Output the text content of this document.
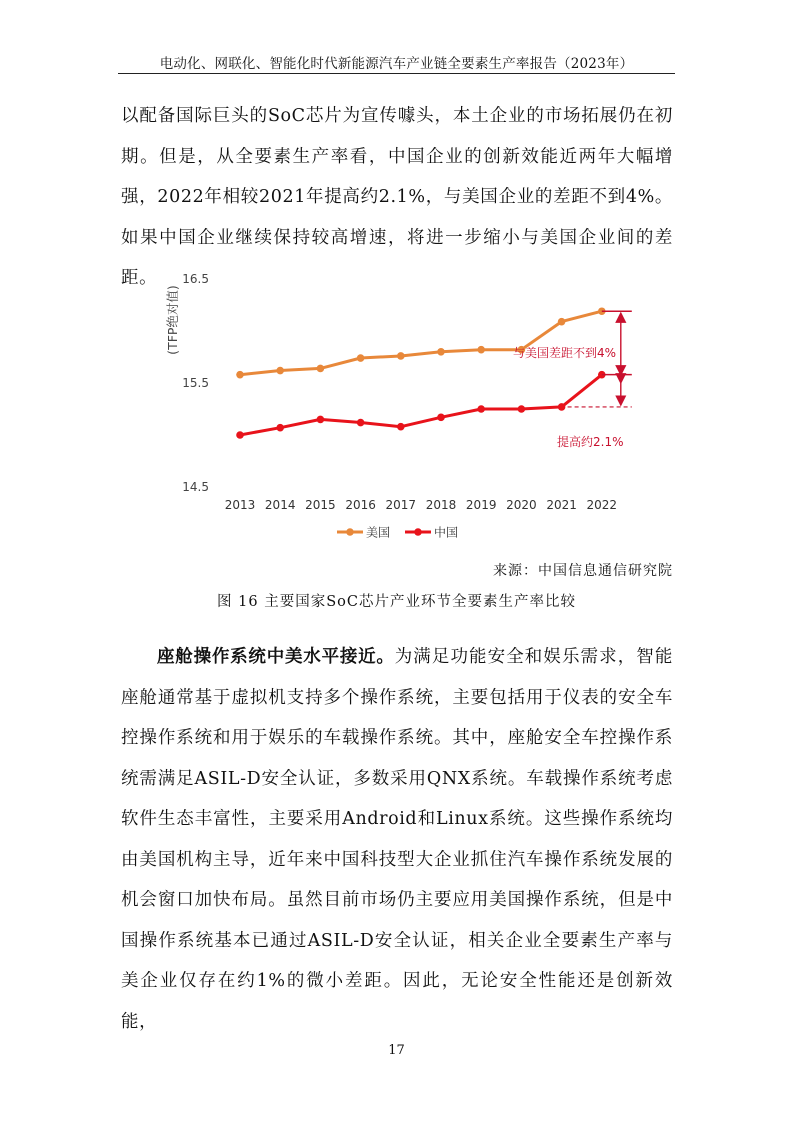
电动化、网联化、智能化时代新能源汽车产业链全要素生产率报告（2023年）

以配备国际巨头的SoC芯片为宣传噱头，本土企业的市场拓展仍在初期。但是，从全要素生产率看，中国企业的创新效能近两年大幅增强，2022年相较2021年提高约2.1%，与美国企业的差距不到4%。如果中国企业继续保持较高增速，将进一步缩小与美国企业间的差距。

(TFP绝对值)
14.5
15.5
16.5
2013 2014 2015 2016 2017 2018 2019 2020 2021 2022
与美国差距不到4%
提高约2.1%
美国	中国
来源：中国信息通信研究院
图 16 主要国家SoC芯片产业环节全要素生产率比较

座舱操作系统中美水平接近。为满足功能安全和娱乐需求，智能座舱通常基于虚拟机支持多个操作系统，主要包括用于仪表的安全车控操作系统和用于娱乐的车载操作系统。其中，座舱安全车控操作系统需满足ASIL-D安全认证，多数采用QNX系统。车载操作系统考虑软件生态丰富性，主要采用Android和Linux系统。这些操作系统均由美国机构主导，近年来中国科技型大企业抓住汽车操作系统发展的机会窗口加快布局。虽然目前市场仍主要应用美国操作系统，但是中国操作系统基本已通过ASIL-D安全认证，相关企业全要素生产率与美企业仅存在约1%的微小差距。因此，无论安全性能还是创新效能，

17
